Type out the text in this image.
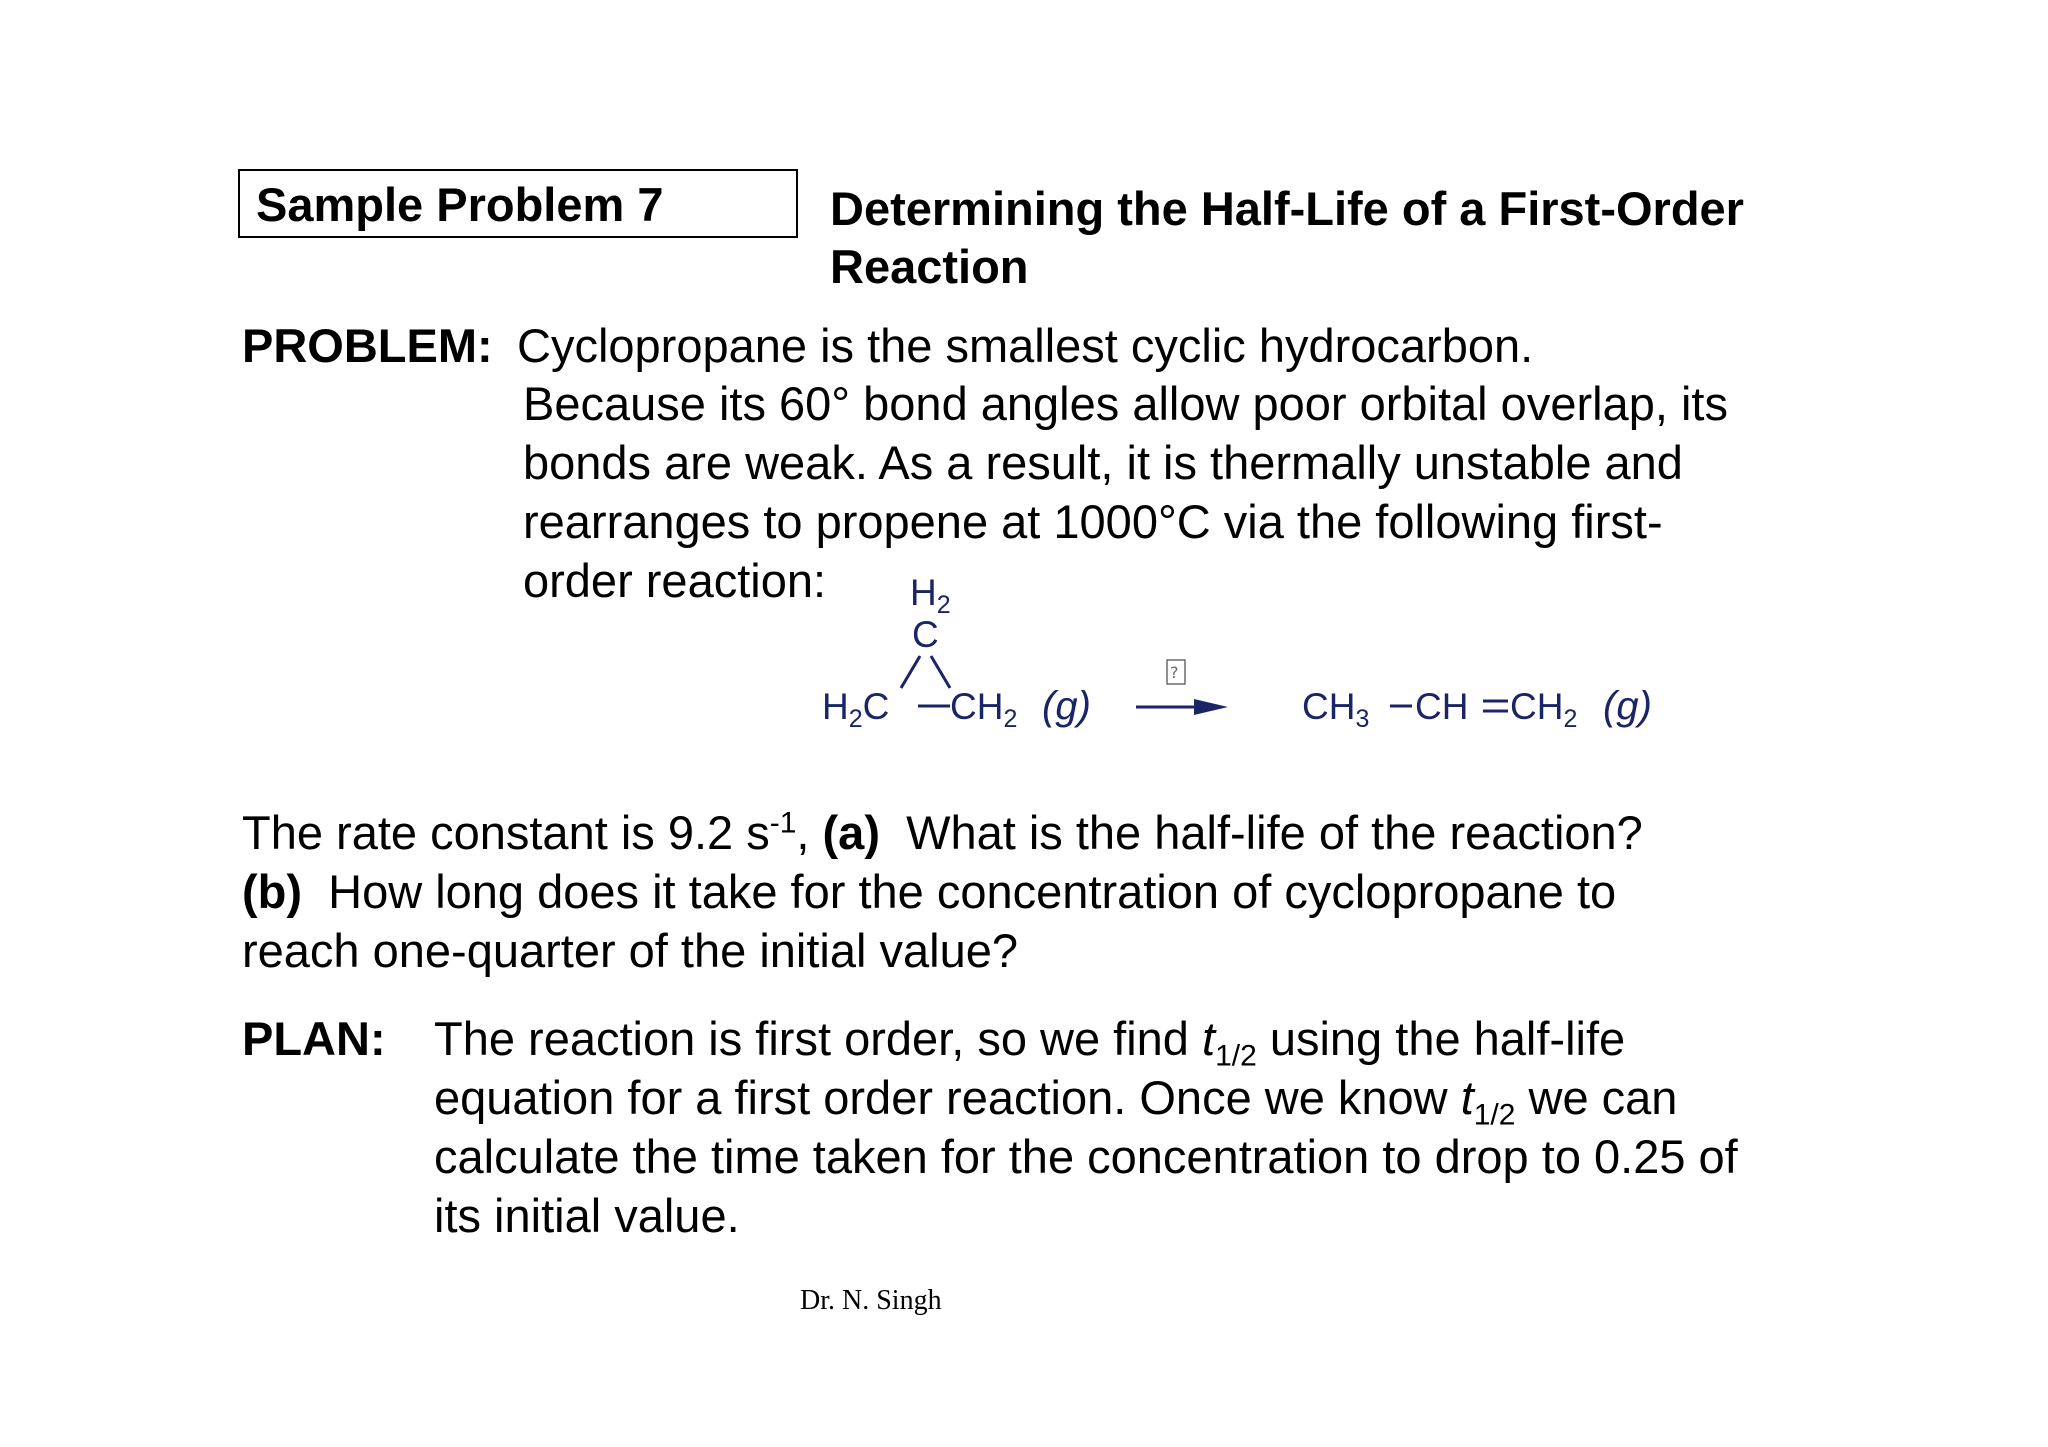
Sample Problem 7	Determining the Half-Life of a First-Order
Reaction
PROBLEM: Cyclopropane is the smallest cyclic hydrocarbon.
Because its 60° bond angles allow poor orbital overlap, its
bonds are weak. As a result, it is thermally unstable and
rearranges to propene at 1000°C via the following first-
order reaction: $H_2$
C
$H_2C$ $CH_2$ (g)
?
$CH_3$ CH $CH_2$ (g)
The rate constant is 9.2 $s^{-1}$, (a)  What is the half-life of the reaction?
(b)  How long does it take for the concentration of cyclopropane to
reach one-quarter of the initial value?
PLAN: The reaction is first order, so we find $t_{1/2}$ using the half-life
equation for a first order reaction. Once we know $t_{1/2}$ we can
calculate the time taken for the concentration to drop to 0.25 of
its initial value.
Dr. N. Singh
